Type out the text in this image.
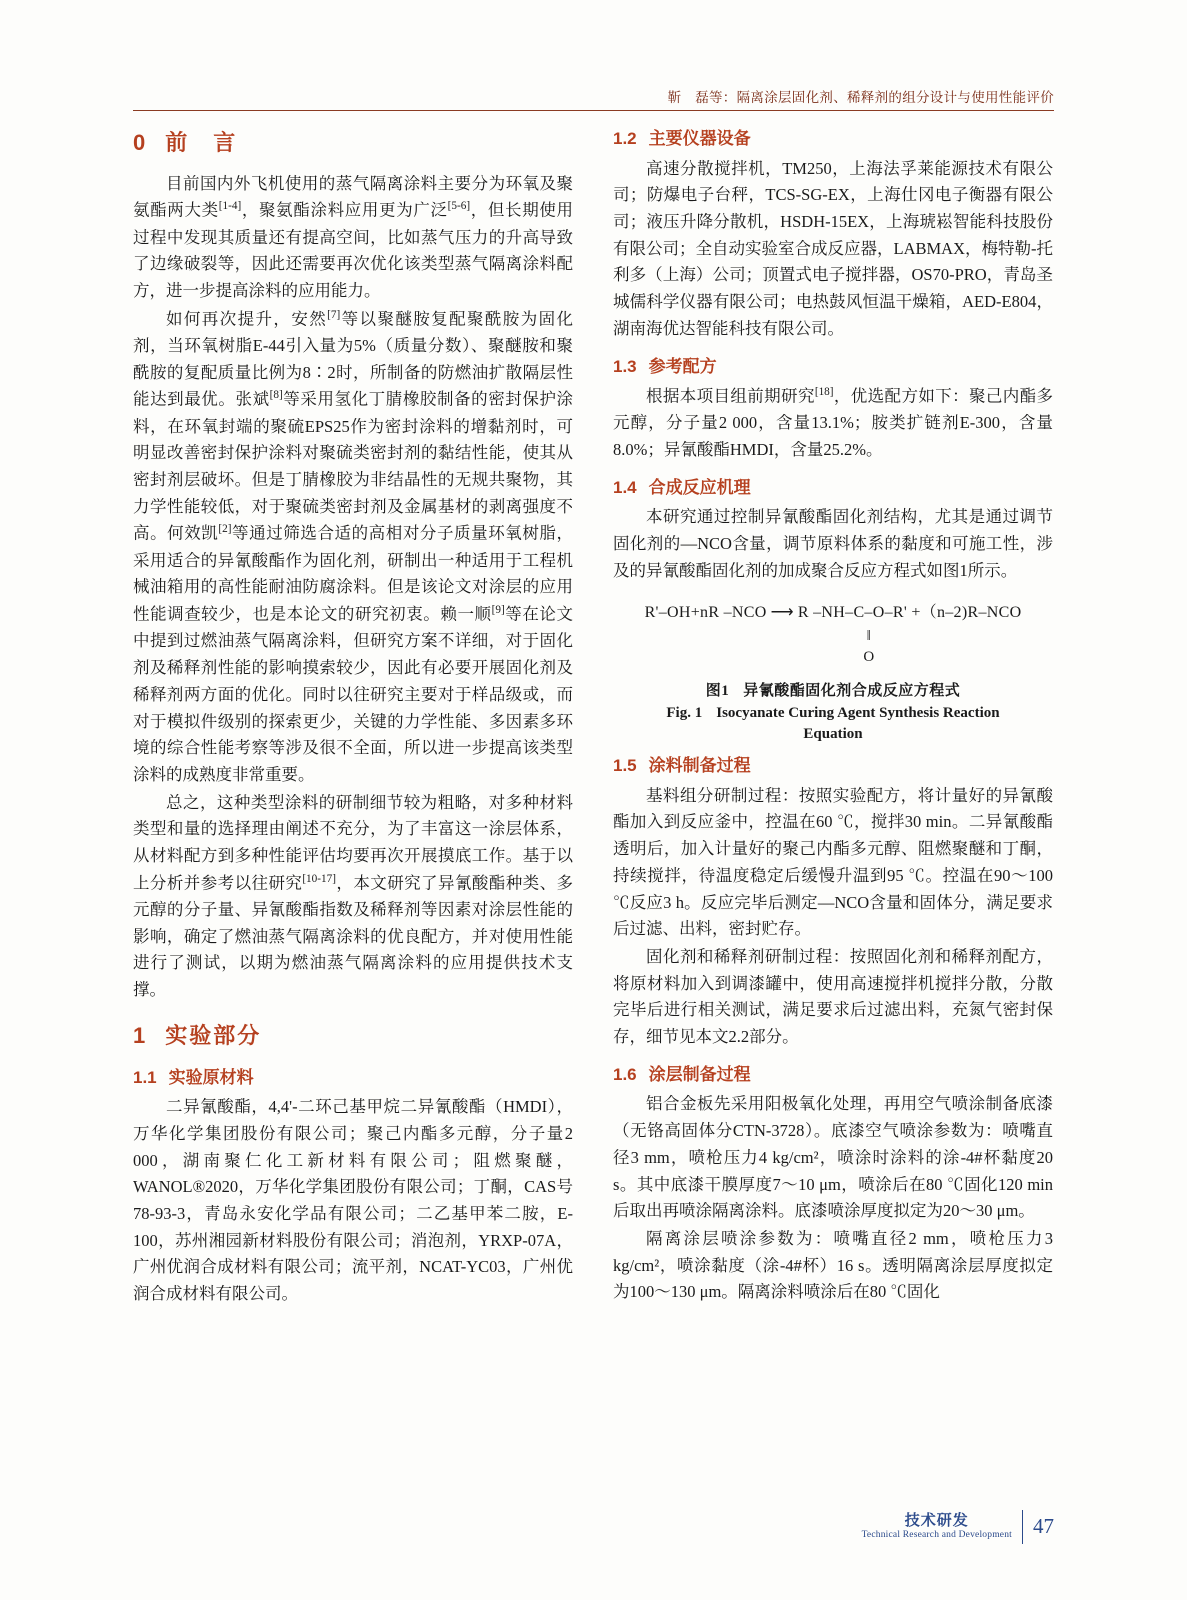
靳　磊等：隔离涂层固化剂、稀释剂的组分设计与使用性能评价
0 前　言

目前国内外飞机使用的蒸气隔离涂料主要分为环氧及聚氨酯两大类[1-4]，聚氨酯涂料应用更为广泛[5-6]，但长期使用过程中发现其质量还有提高空间，比如蒸气压力的升高导致了边缘破裂等，因此还需要再次优化该类型蒸气隔离涂料配方，进一步提高涂料的应用能力。

如何再次提升，安然[7]等以聚醚胺复配聚酰胺为固化剂，当环氧树脂E-44引入量为5%（质量分数）、聚醚胺和聚酰胺的复配质量比例为8∶2时，所制备的防燃油扩散隔层性能达到最优。张斌[8]等采用氢化丁腈橡胶制备的密封保护涂料，在环氧封端的聚硫EPS25作为密封涂料的增黏剂时，可明显改善密封保护涂料对聚硫类密封剂的黏结性能，使其从密封剂层破坏。但是丁腈橡胶为非结晶性的无规共聚物，其力学性能较低，对于聚硫类密封剂及金属基材的剥离强度不高。何效凯[2]等通过筛选合适的高相对分子质量环氧树脂，采用适合的异氰酸酯作为固化剂，研制出一种适用于工程机械油箱用的高性能耐油防腐涂料。但是该论文对涂层的应用性能调查较少，也是本论文的研究初衷。赖一顺[9]等在论文中提到过燃油蒸气隔离涂料，但研究方案不详细，对于固化剂及稀释剂性能的影响摸索较少，因此有必要开展固化剂及稀释剂两方面的优化。同时以往研究主要对于样品级或，而对于模拟件级别的探索更少，关键的力学性能、多因素多环境的综合性能考察等涉及很不全面，所以进一步提高该类型涂料的成熟度非常重要。

总之，这种类型涂料的研制细节较为粗略，对多种材料类型和量的选择理由阐述不充分，为了丰富这一涂层体系，从材料配方到多种性能评估均要再次开展摸底工作。基于以上分析并参考以往研究[10-17]，本文研究了异氰酸酯种类、多元醇的分子量、异氰酸酯指数及稀释剂等因素对涂层性能的影响，确定了燃油蒸气隔离涂料的优良配方，并对使用性能进行了测试，以期为燃油蒸气隔离涂料的应用提供技术支撑。

1 实验部分
1.1 实验原材料

二异氰酸酯，4,4'-二环己基甲烷二异氰酸酯（HMDI），万华化学集团股份有限公司；聚己内酯多元醇，分子量2 000，湖南聚仁化工新材料有限公司；阻燃聚醚，WANOL®2020，万华化学集团股份有限公司；丁酮，CAS号78-93-3，青岛永安化学品有限公司；二乙基甲苯二胺，E-100，苏州湘园新材料股份有限公司；消泡剂，YRXP-07A，广州优润合成材料有限公司；流平剂，NCAT-YC03，广州优润合成材料有限公司。

1.2 主要仪器设备

高速分散搅拌机，TM250，上海法孚莱能源技术有限公司；防爆电子台秤，TCS-SG-EX，上海仕冈电子衡器有限公司；液压升降分散机，HSDH-15EX，上海琥崧智能科技股份有限公司；全自动实验室合成反应器，LABMAX，梅特勒-托利多（上海）公司；顶置式电子搅拌器，OS70-PRO，青岛圣城儒科学仪器有限公司；电热鼓风恒温干燥箱，AED-E804，湖南海优达智能科技有限公司。

1.3 参考配方

根据本项目组前期研究[18]，优选配方如下：聚己内酯多元醇，分子量2 000，含量13.1%；胺类扩链剂E-300，含量8.0%；异氰酸酯HMDI，含量25.2%。

1.4 合成反应机理

本研究通过控制异氰酸酯固化剂结构，尤其是通过调节固化剂的—NCO含量，调节原料体系的黏度和可施工性，涉及的异氰酸酯固化剂的加成聚合反应方程式如图1所示。

R'–OH+nR –NCO ⟶ R –NH–C–O–R' +（n–2)R–NCO
‖
O
图1 异氰酸酯固化剂合成反应方程式
Fig. 1 Isocyanate Curing Agent Synthesis Reaction
Equation
1.5 涂料制备过程

基料组分研制过程：按照实验配方，将计量好的异氰酸酯加入到反应釜中，控温在60 ℃，搅拌30 min。二异氰酸酯透明后，加入计量好的聚己内酯多元醇、阻燃聚醚和丁酮，持续搅拌，待温度稳定后缓慢升温到95 ℃。控温在90～100 ℃反应3 h。反应完毕后测定—NCO含量和固体分，满足要求后过滤、出料，密封贮存。

固化剂和稀释剂研制过程：按照固化剂和稀释剂配方，将原材料加入到调漆罐中，使用高速搅拌机搅拌分散，分散完毕后进行相关测试，满足要求后过滤出料，充氮气密封保存，细节见本文2.2部分。

1.6 涂层制备过程

铝合金板先采用阳极氧化处理，再用空气喷涂制备底漆（无铬高固体分CTN-3728）。底漆空气喷涂参数为：喷嘴直径3 mm，喷枪压力4 kg/cm²，喷涂时涂料的涂-4#杯黏度20 s。其中底漆干膜厚度7～10 μm，喷涂后在80 ℃固化120 min后取出再喷涂隔离涂料。底漆喷涂厚度拟定为20～30 μm。

隔离涂层喷涂参数为：喷嘴直径2 mm，喷枪压力3 kg/cm²，喷涂黏度（涂-4#杯）16 s。透明隔离涂层厚度拟定为100～130 μm。隔离涂料喷涂后在80 ℃固化

技术研发
Technical Research and Development 47
